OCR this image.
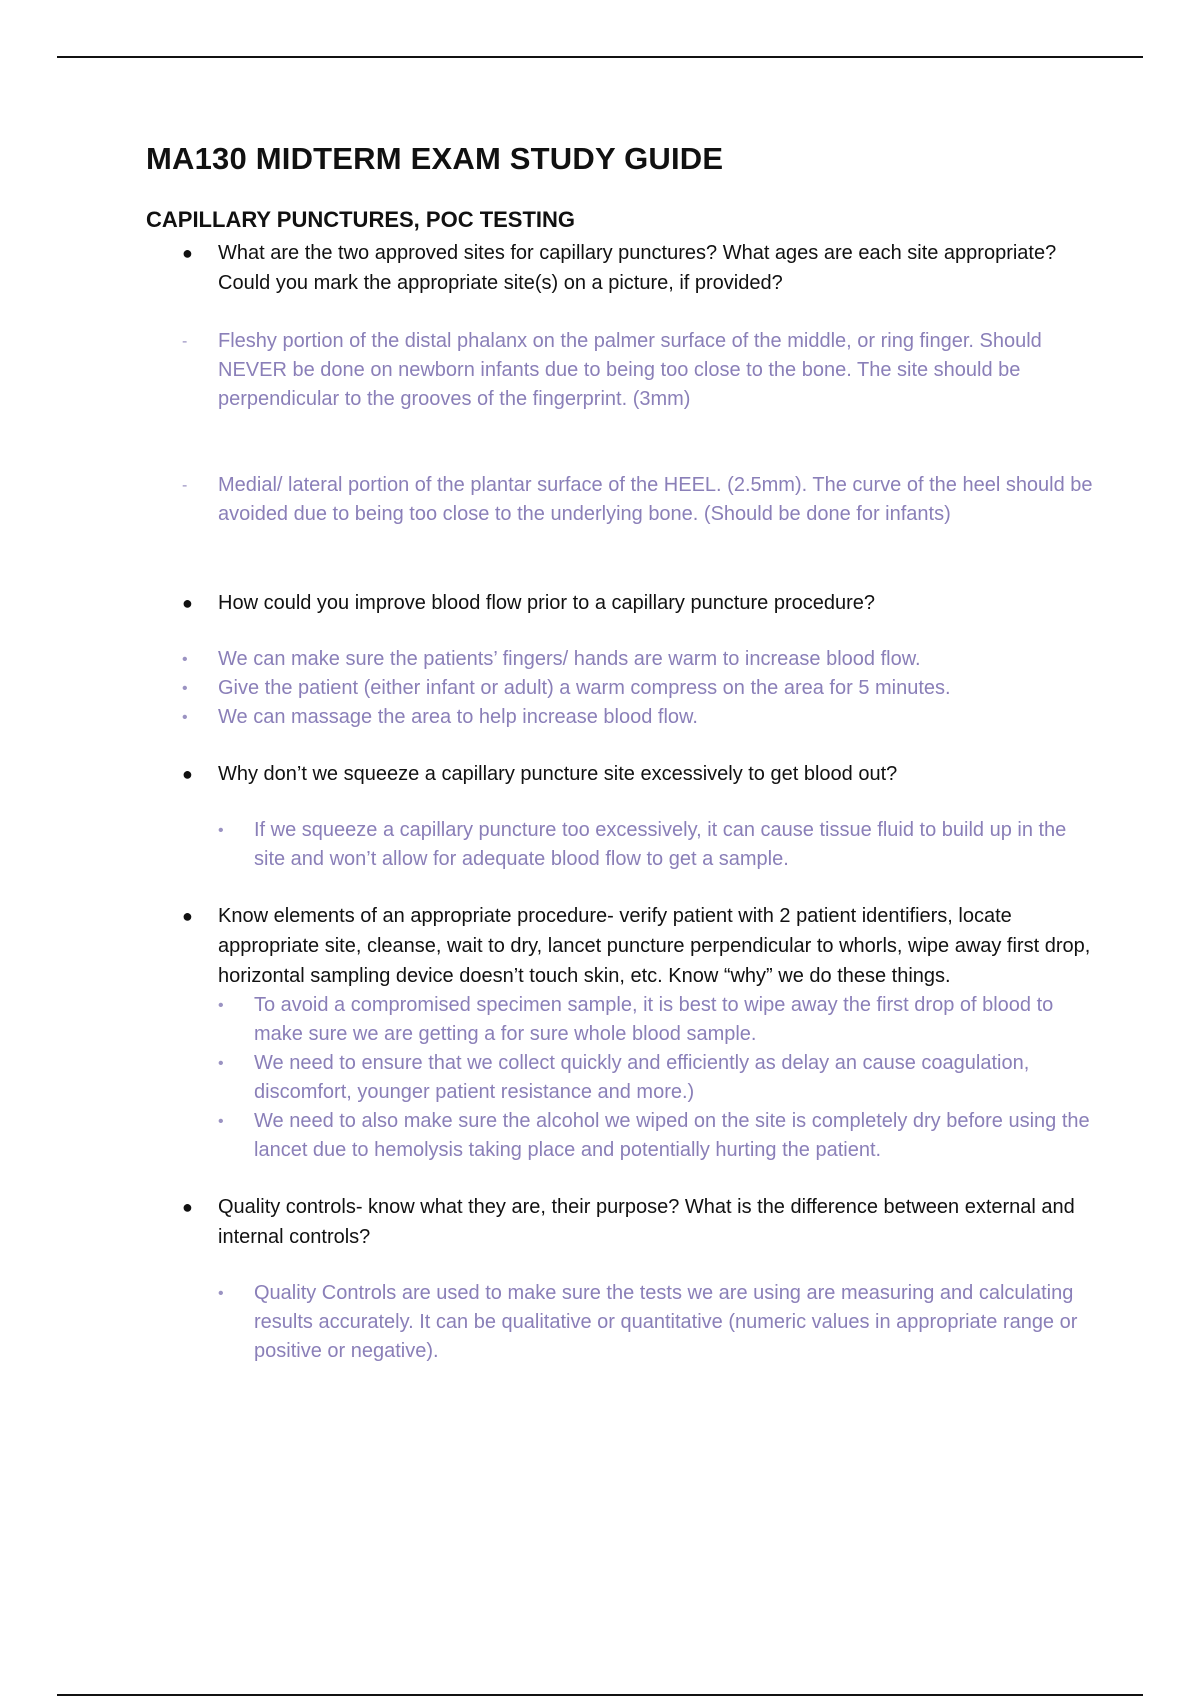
MA130 MIDTERM EXAM STUDY GUIDE
CAPILLARY PUNCTURES, POC TESTING
● What are the two approved sites for capillary punctures? What ages are each site appropriate? Could you mark the appropriate site(s) on a picture, if provided?
- Fleshy portion of the distal phalanx on the palmer surface of the middle, or ring finger. Should NEVER be done on newborn infants due to being too close to the bone. The site should be perpendicular to the grooves of the fingerprint. (3mm)
- Medial/ lateral portion of the plantar surface of the HEEL. (2.5mm). The curve of the heel should be avoided due to being too close to the underlying bone. (Should be done for infants)
● How could you improve blood flow prior to a capillary puncture procedure?
• We can make sure the patients’ fingers/ hands are warm to increase blood flow.
• Give the patient (either infant or adult) a warm compress on the area for 5 minutes.
• We can massage the area to help increase blood flow.
● Why don’t we squeeze a capillary puncture site excessively to get blood out?
• If we squeeze a capillary puncture too excessively, it can cause tissue fluid to build up in the site and won’t allow for adequate blood flow to get a sample.
● Know elements of an appropriate procedure- verify patient with 2 patient identifiers, locate appropriate site, cleanse, wait to dry, lancet puncture perpendicular to whorls, wipe away first drop, horizontal sampling device doesn’t touch skin, etc. Know “why” we do these things.
• To avoid a compromised specimen sample, it is best to wipe away the first drop of blood to make sure we are getting a for sure whole blood sample.
• We need to ensure that we collect quickly and efficiently as delay an cause coagulation, discomfort, younger patient resistance and more.)
• We need to also make sure the alcohol we wiped on the site is completely dry before using the lancet due to hemolysis taking place and potentially hurting the patient.
● Quality controls- know what they are, their purpose? What is the difference between external and internal controls?
• Quality Controls are used to make sure the tests we are using are measuring and calculating results accurately. It can be qualitative or quantitative (numeric values in appropriate range or positive or negative).
